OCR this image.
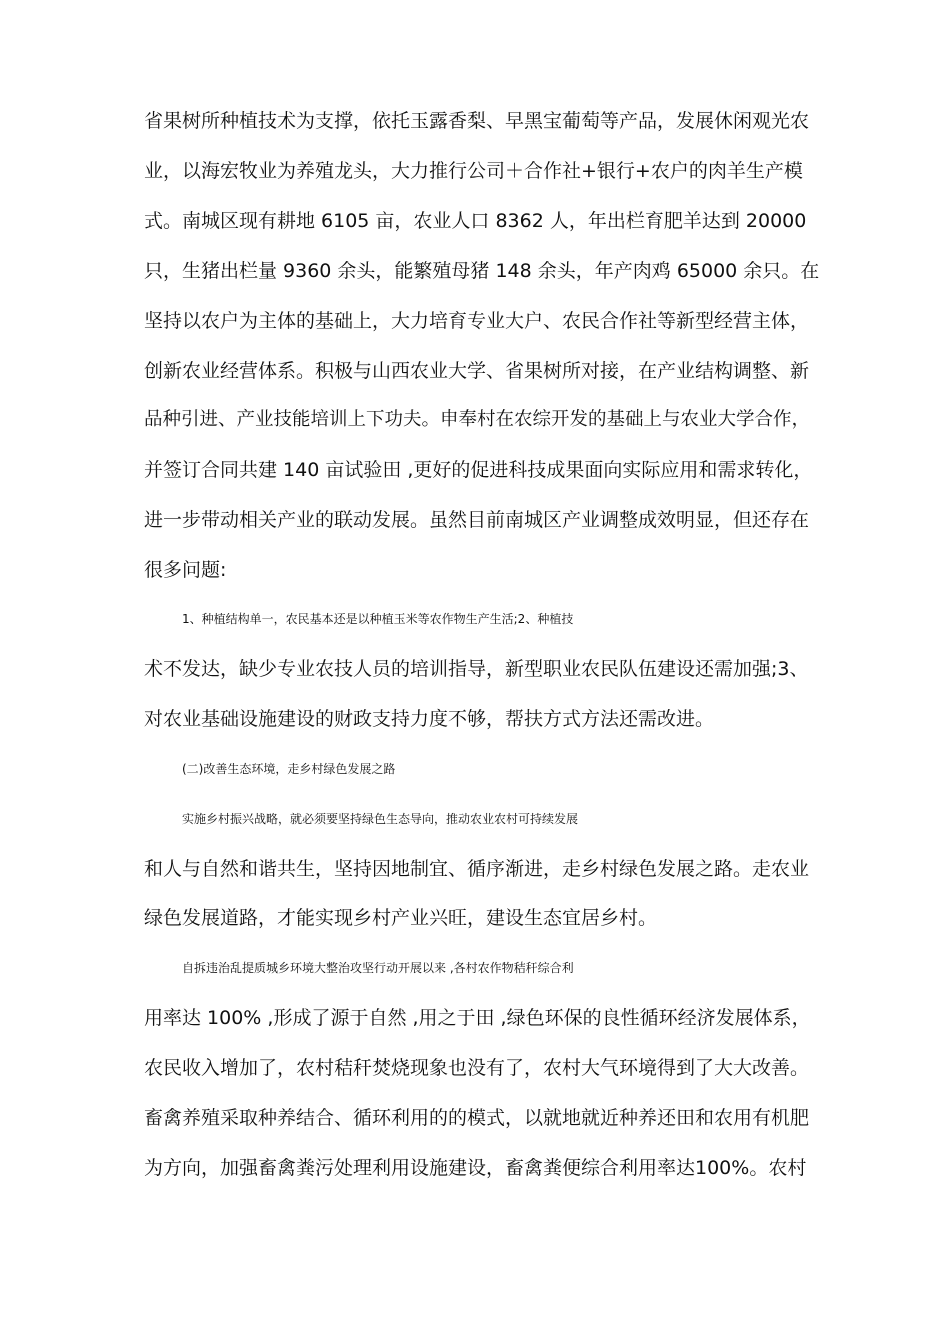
省果树所种植技术为支撑，依托玉露香梨、早黑宝葡萄等产品，发展休闲观光农
业，以海宏牧业为养殖龙头，大力推行公司＋合作社+银行+农户的肉羊生产模
式。南城区现有耕地 6105 亩，农业人口 8362 人，年出栏育肥羊达到 20000
只，生猪出栏量 9360 余头，能繁殖母猪 148 余头，年产肉鸡 65000 余只。在
坚持以农户为主体的基础上，大力培育专业大户、农民合作社等新型经营主体，
创新农业经营体系。积极与山西农业大学、省果树所对接，在产业结构调整、新
品种引进、产业技能培训上下功夫。申奉村在农综开发的基础上与农业大学合作，
并签订合同共建 140 亩试验田 ,更好的促进科技成果面向实际应用和需求转化，
进一步带动相关产业的联动发展。虽然目前南城区产业调整成效明显，但还存在
很多问题:
1、种植结构单一，农民基本还是以种植玉米等农作物生产生活;2、种植技
术不发达，缺少专业农技人员的培训指导，新型职业农民队伍建设还需加强;3、
对农业基础设施建设的财政支持力度不够，帮扶方式方法还需改进。
(二)改善生态环境，走乡村绿色发展之路
实施乡村振兴战略，就必须要坚持绿色生态导向，推动农业农村可持续发展
和人与自然和谐共生，坚持因地制宜、循序渐进，走乡村绿色发展之路。走农业
绿色发展道路，才能实现乡村产业兴旺，建设生态宜居乡村。
自拆违治乱提质城乡环境大整治攻坚行动开展以来 ,各村农作物秸秆综合利
用率达 100% ,形成了源于自然 ,用之于田 ,绿色环保的良性循环经济发展体系，
农民收入增加了，农村秸秆焚烧现象也没有了，农村大气环境得到了大大改善。
畜禽养殖采取种养结合、循环利用的的模式，以就地就近种养还田和农用有机肥
为方向，加强畜禽粪污处理利用设施建设，畜禽粪便综合利用率达100%。农村
